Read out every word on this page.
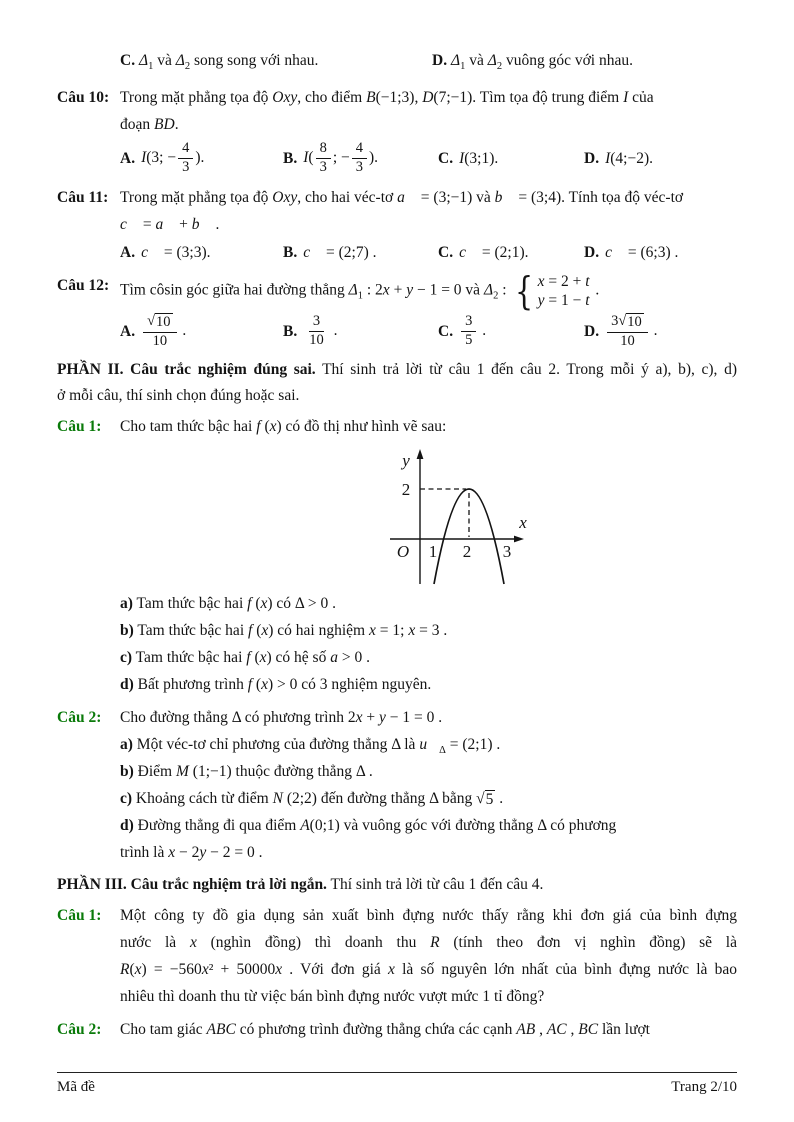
C. $\Delta_1$ và $\Delta_2$ song song với nhau.	D. $\Delta_1$ và $\Delta_2$ vuông góc với nhau.
Câu 10: Trong mặt phẳng tọa độ Oxy, cho điểm B(−1;3), D(7;−1). Tìm tọa độ trung điểm I của
đoạn BD.
A. I(3; − $\frac{4}{3}$ ).	B. $I( \frac{8}{3}$ ; − $\frac{4}{3}$ ).	C. I(3;1).	D. I(4;−2).
Câu 11: Trong mặt phẳng tọa độ Oxy, cho hai véc-tơ a⃗ = (3;−1) và b⃗ = (3;4). Tính tọa độ véc-tơ
c⃗ = a⃗ + b⃗ .
A. c⃗ = (3;3).	B. c⃗ = (2;7) .	C. c⃗ = (2;1).	D. c⃗ = (6;3) .
Câu 12: Tìm côsin góc giữa hai đường thẳng $\Delta_1$ : 2x + y − 1 = 0 và $\Delta_2$ : { x = 2 + t
y = 1 − t
.
A. $\frac{√ 10}{10}$ .	B. $\frac{3}{10}$ .	C. $\frac{3}{5}$ .	D. $\frac{3 √ 10}{10}$ .
PHẦN II. Câu trắc nghiệm đúng sai. Thí sinh trả lời từ câu 1 đến câu 2. Trong mỗi ý a), b), c), d)
ở mỗi câu, thí sinh chọn đúng hoặc sai.
Câu 1:	Cho tam thức bậc hai f (x) có đồ thị như hình vẽ sau:
y
2
O 1 2 3
x
a) Tam thức bậc hai f (x) có Δ > 0 .
b) Tam thức bậc hai f (x) có hai nghiệm x = 1; x = 3 .
c) Tam thức bậc hai f (x) có hệ số a > 0 .
d) Bất phương trình f (x) > 0 có 3 nghiệm nguyên.
Câu 2:	Cho đường thẳng Δ có phương trình 2x + y − 1 = 0 .
a) Một véc-tơ chỉ phương của đường thẳng Δ là $u⃗_\Delta$ = (2;1) .
b) Điểm M (1;−1) thuộc đường thẳng Δ .
c) Khoảng cách từ điểm N (2;2) đến đường thẳng Δ bằng √ 5 .
d) Đường thẳng đi qua điểm A(0;1) và vuông góc với đường thẳng Δ có phương
trình là x − 2y − 2 = 0 .
PHẦN III. Câu trắc nghiệm trả lời ngắn. Thí sinh trả lời từ câu 1 đến câu 4.
Câu 1:	Một công ty đồ gia dụng sản xuất bình đựng nước thấy rằng khi đơn giá của bình đựng
nước là x (nghìn đồng) thì doanh thu R (tính theo đơn vị nghìn đồng) sẽ là
R(x) = −560x² + 50000x . Với đơn giá x là số nguyên lớn nhất của bình đựng nước là bao
nhiêu thì doanh thu từ việc bán bình đựng nước vượt mức 1 tỉ đồng?
Câu 2:	Cho tam giác ABC có phương trình đường thẳng chứa các cạnh AB , AC , BC lần lượt
Mã đề	Trang 2/10
